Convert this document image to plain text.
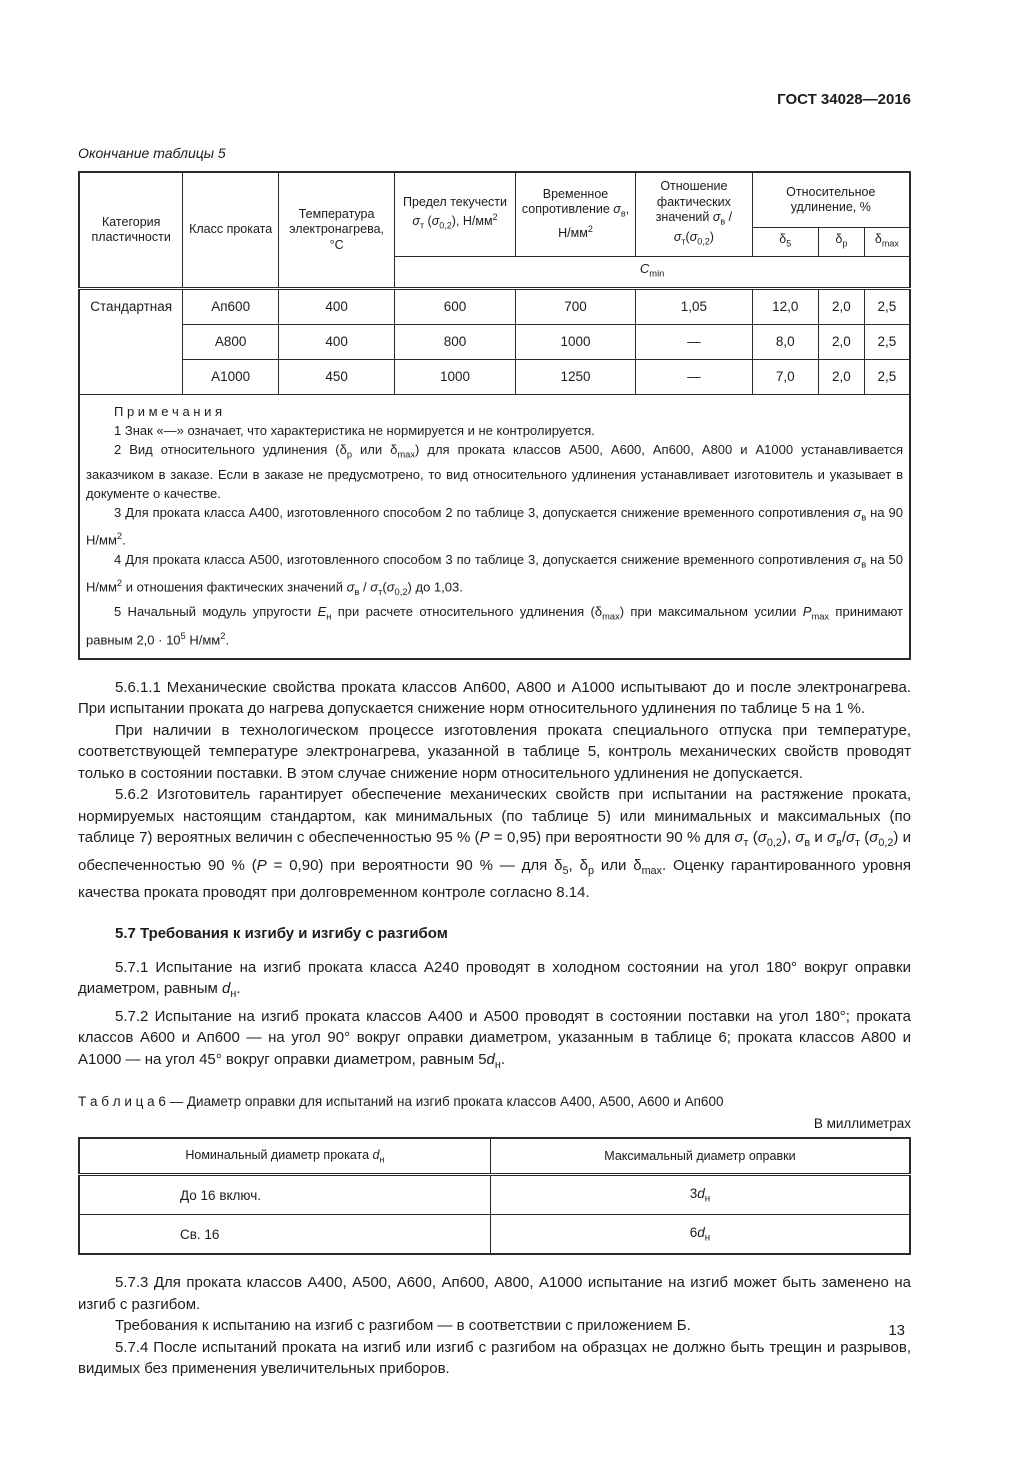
ГОСТ 34028—2016
Окончание таблицы 5
Категория пластичности	Класс проката	Температура электронагрева, °С	Предел текучести $\sigma_т$ $(\sigma_{0,2})$, $Н/мм^2$	Временное сопротивление $\sigma_в$, $Н/мм^2$	Отношение фактических значений $\sigma_в / \sigma_т(\sigma_{0,2})$	Относительное удлинение, %		
						$\delta_5$	$\delta_р$	$\delta_{max}$
			$C_{min}$
Стандартная	Ап600	400	600	700	1,05	12,0	2,0	2,5
	А800	400	800	1000	—	8,0	2,0	2,5
	А1000	450	1000	1250	—	7,0	2,0	2,5

П р и м е ч а н и я

1 Знак «—» означает, что характеристика не нормируется и не контролируется.

2 Вид относительного удлинения ($\delta_р$ или $\delta_{max}$) для проката классов А500, А600, Ап600, А800 и А1000 устанавливается заказчиком в заказе. Если в заказе не предусмотрено, то вид относительного удлинения устанавливает изготовитель и указывает в документе о качестве.

3 Для проката класса А400, изготовленного способом 2 по таблице 3, допускается снижение временного сопротивления $\sigma_в$ на 90 $Н/мм^2$.

4 Для проката класса А500, изготовленного способом 3 по таблице 3, допускается снижение временного сопротивления $\sigma_в$ на 50 $Н/мм^2$ и отношения фактических значений $\sigma_в / \sigma_т(\sigma_{0,2})$ до 1,03.

5 Начальный модуль упругости $E_н$ при расчете относительного удлинения $(\delta_{max})$ при максимальном усилии $P_{max}$ принимают равным $2,0 \cdot 10^5$ $Н/мм^2$.

5.6.1.1 Механические свойства проката классов Ап600, А800 и А1000 испытывают до и после электронагрева. При испытании проката до нагрева допускается снижение норм относительного удлинения по таблице 5 на 1 %.

При наличии в технологическом процессе изготовления проката специального отпуска при температуре, соответствующей температуре электронагрева, указанной в таблице 5, контроль механических свойств проводят только в состоянии поставки. В этом случае снижение норм относительного удлинения не допускается.

5.6.2 Изготовитель гарантирует обеспечение механических свойств при испытании на растяжение проката, нормируемых настоящим стандартом, как минимальных (по таблице 5) или минимальных и максимальных (по таблице 7) вероятных величин с обеспеченностью 95 % (P = 0,95) при вероятности 90 % для $\sigma_т$ $(\sigma_{0,2})$, $\sigma_в$ и $\sigma_в/\sigma_т$ $(\sigma_{0,2})$ и обеспеченностью 90 % (P = 0,90) при вероятности 90 % — для $\delta_5$, $\delta_р$ или $\delta_{max}$. Оценку гарантированного уровня качества проката проводят при долговременном контроле согласно 8.14.

5.7 Требования к изгибу и изгибу с разгибом

5.7.1 Испытание на изгиб проката класса А240 проводят в холодном состоянии на угол 180° вокруг оправки диаметром, равным $d_н$.

5.7.2 Испытание на изгиб проката классов А400 и А500 проводят в состоянии поставки на угол 180°; проката классов А600 и Ап600 — на угол 90° вокруг оправки диаметром, указанным в таблице 6; проката классов А800 и А1000 — на угол 45° вокруг оправки диаметром, равным $5d_н$.

Т а б л и ц а 6 — Диаметр оправки для испытаний на изгиб проката классов А400, А500, А600 и Ап600
В миллиметрах
Номинальный диаметр проката $d_н$	Максимальный диаметр оправки
До 16 включ.	$3d_н$
Св. 16	$6d_н$

5.7.3 Для проката классов А400, А500, А600, Ап600, А800, А1000 испытание на изгиб может быть заменено на изгиб с разгибом.

Требования к испытанию на изгиб с разгибом — в соответствии с приложением Б.

5.7.4 После испытаний проката на изгиб или изгиб с разгибом на образцах не должно быть трещин и разрывов, видимых без применения увеличительных приборов.

13
